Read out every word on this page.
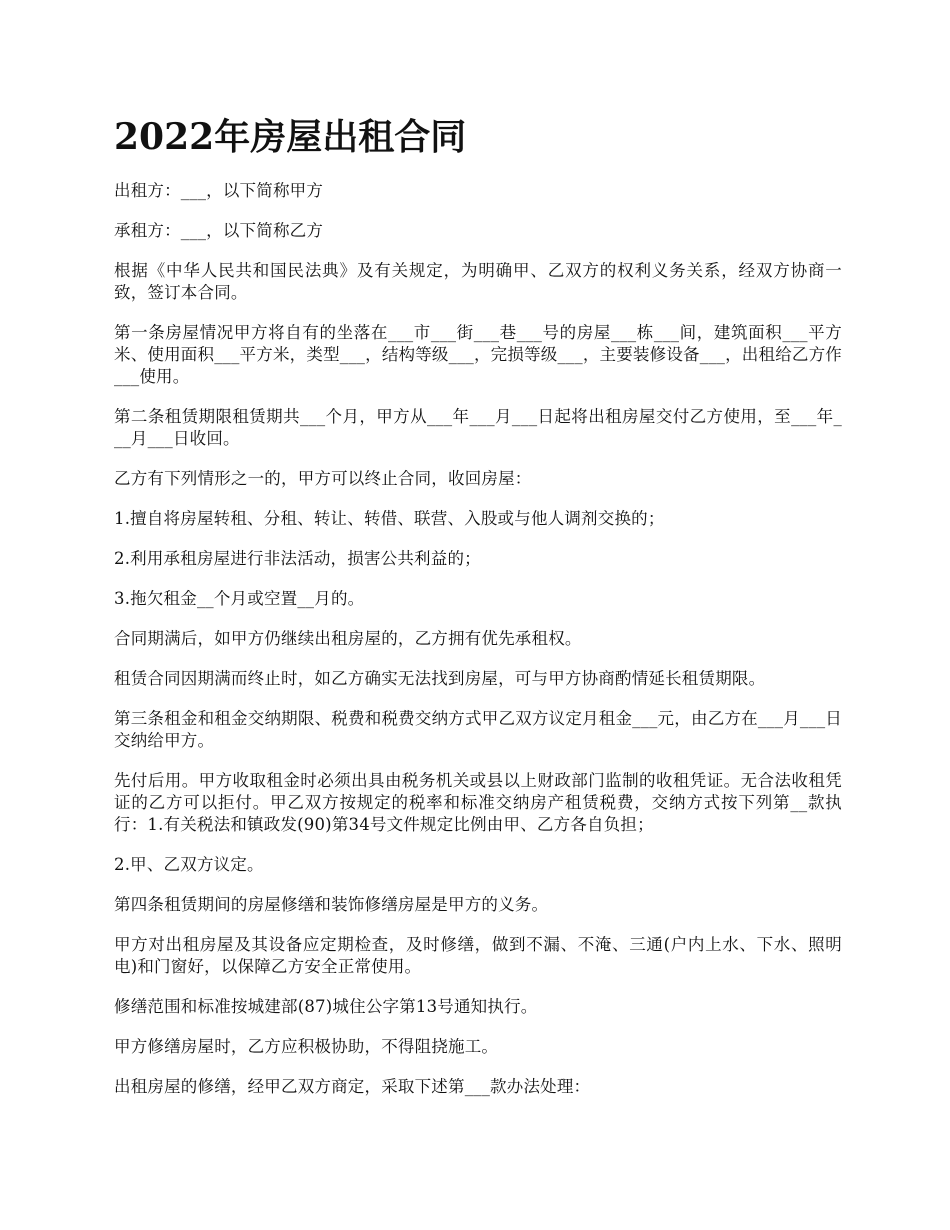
2022年房屋出租合同

出租方：___，以下简称甲方

承租方：___，以下简称乙方

根据《中华人民共和国民法典》及有关规定，为明确甲、乙双方的权利义务关系，经双方协商一致，签订本合同。

第一条房屋情况甲方将自有的坐落在___市___街___巷___号的房屋___栋___间，建筑面积___平方米、使用面积___平方米，类型___，结构等级___，完损等级___，主要装修设备___，出租给乙方作___使用。

第二条租赁期限租赁期共___个月，甲方从___年___月___日起将出租房屋交付乙方使用，至___年___月___日收回。

乙方有下列情形之一的，甲方可以终止合同，收回房屋：

1.擅自将房屋转租、分租、转让、转借、联营、入股或与他人调剂交换的；

2.利用承租房屋进行非法活动，损害公共利益的；

3.拖欠租金__个月或空置__月的。

合同期满后，如甲方仍继续出租房屋的，乙方拥有优先承租权。

租赁合同因期满而终止时，如乙方确实无法找到房屋，可与甲方协商酌情延长租赁期限。

第三条租金和租金交纳期限、税费和税费交纳方式甲乙双方议定月租金___元，由乙方在___月___日交纳给甲方。

先付后用。甲方收取租金时必须出具由税务机关或县以上财政部门监制的收租凭证。无合法收租凭证的乙方可以拒付。甲乙双方按规定的税率和标准交纳房产租赁税费，交纳方式按下列第__款执行：1.有关税法和镇政发(90)第34号文件规定比例由甲、乙方各自负担；

2.甲、乙双方议定。

第四条租赁期间的房屋修缮和装饰修缮房屋是甲方的义务。

甲方对出租房屋及其设备应定期检查，及时修缮，做到不漏、不淹、三通(户内上水、下水、照明电)和门窗好，以保障乙方安全正常使用。

修缮范围和标准按城建部(87)城住公字第13号通知执行。

甲方修缮房屋时，乙方应积极协助，不得阻挠施工。

出租房屋的修缮，经甲乙双方商定，采取下述第___款办法处理：
